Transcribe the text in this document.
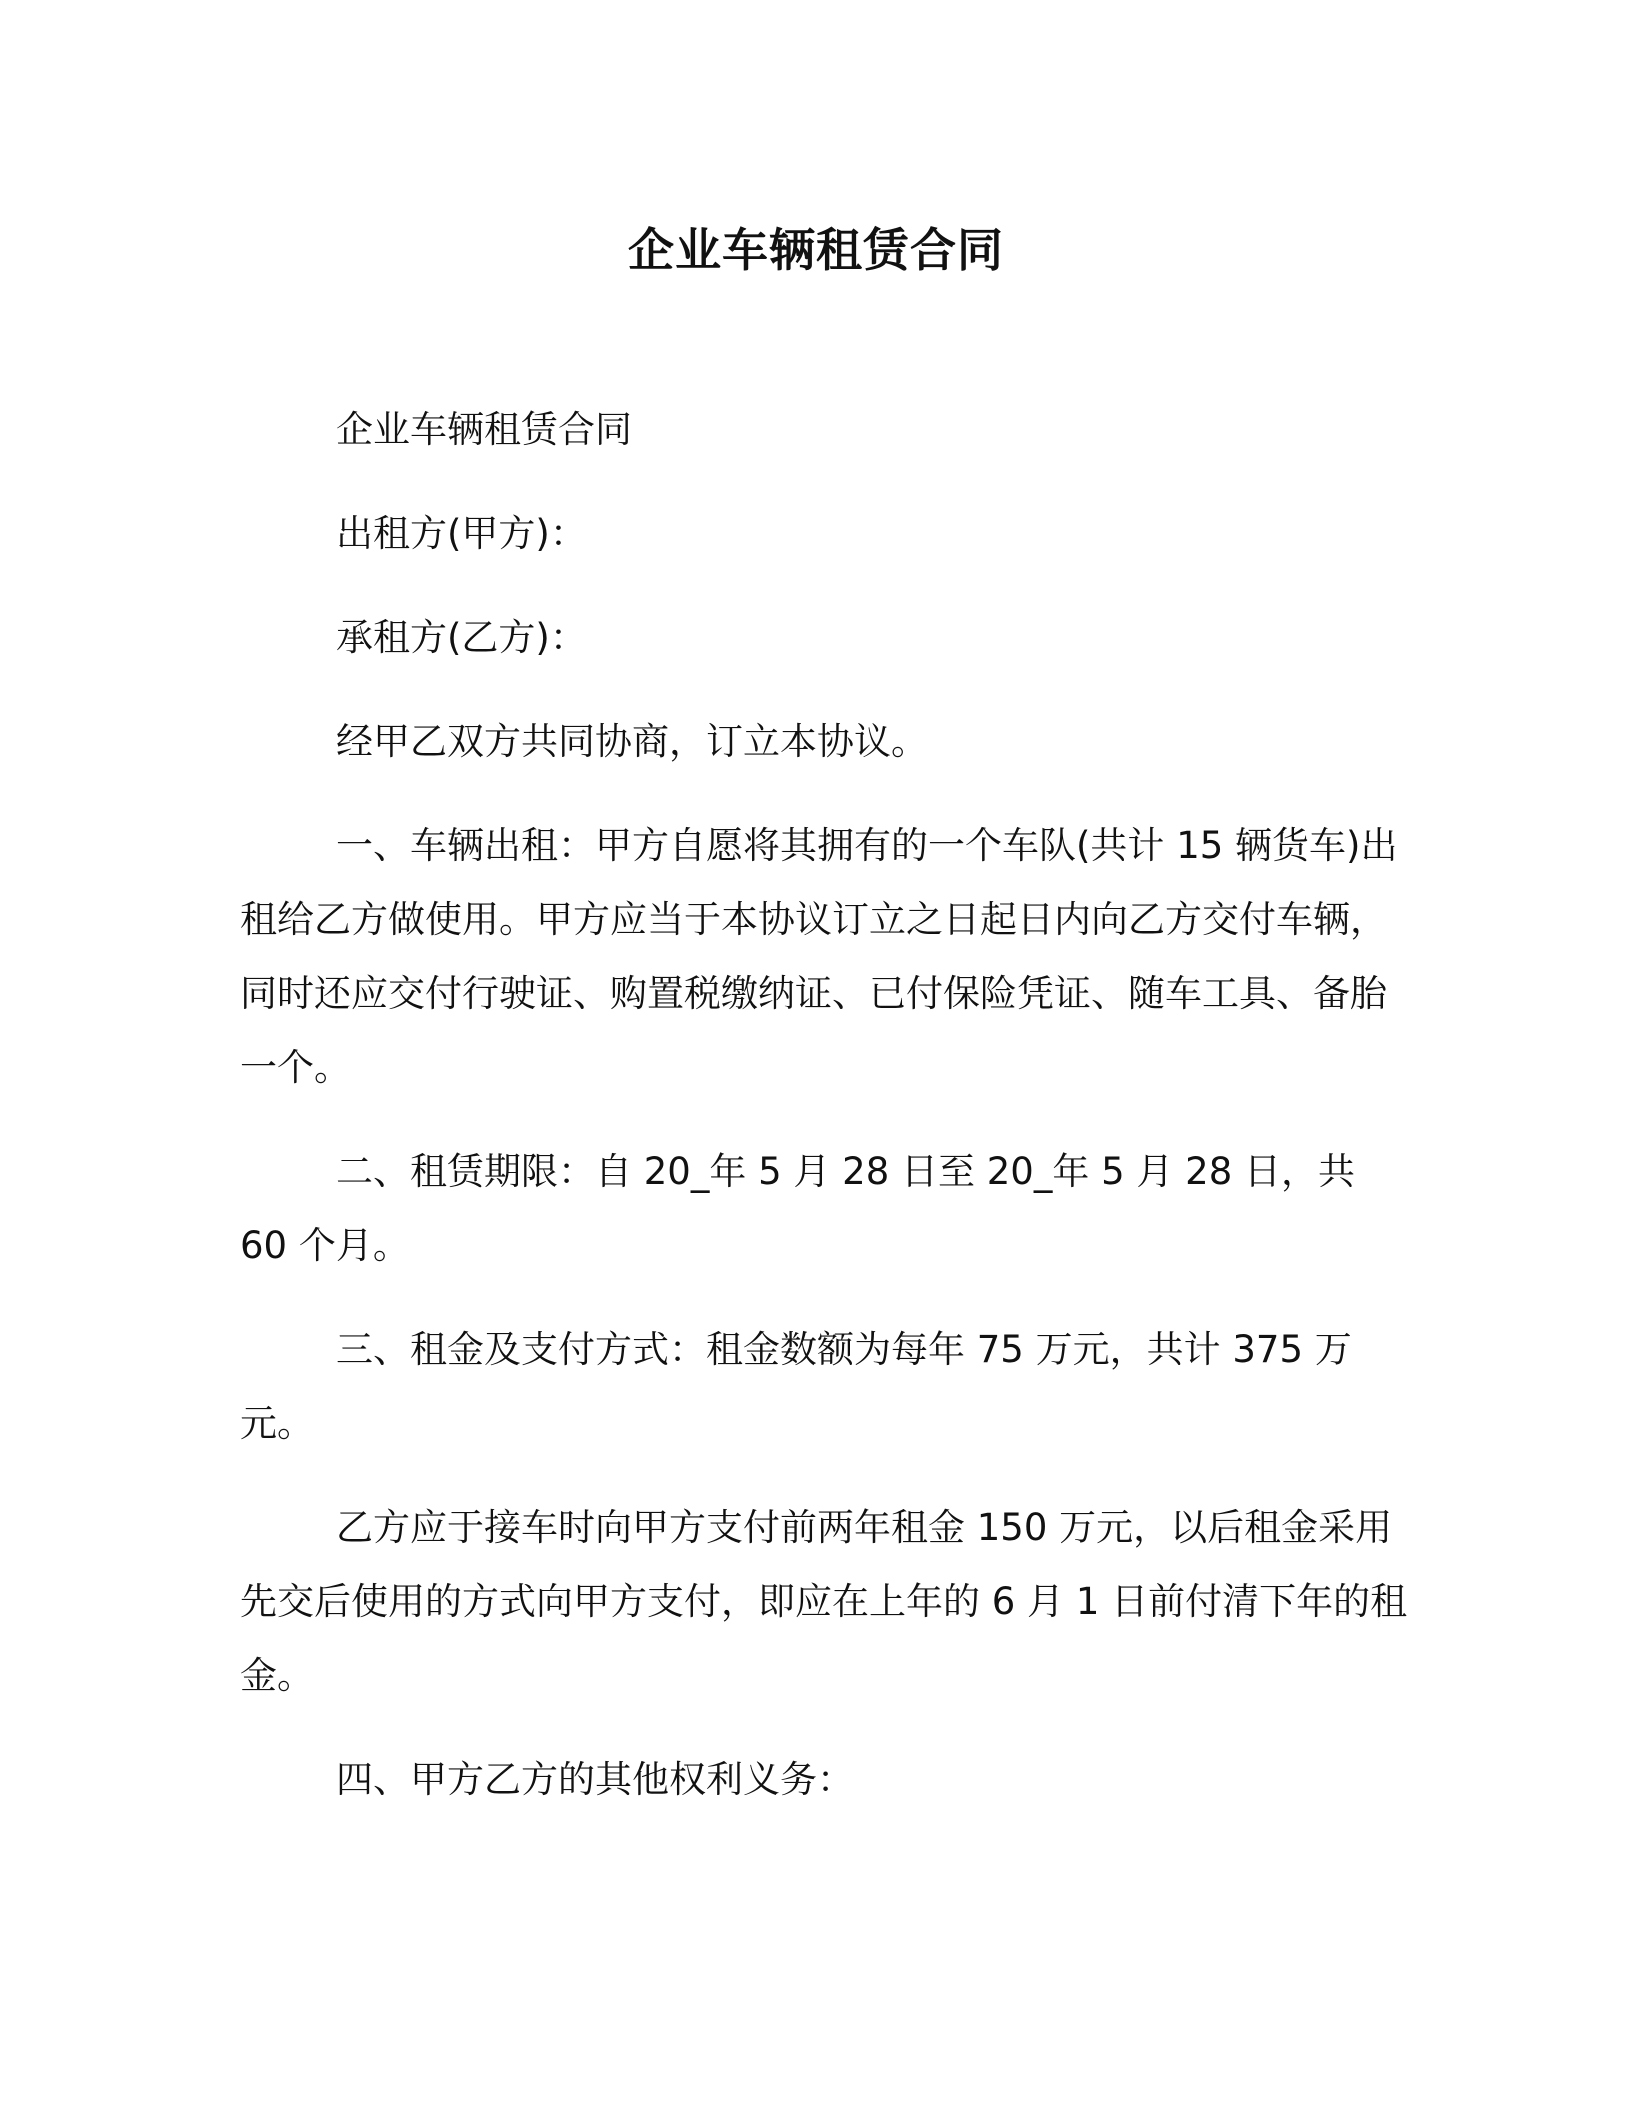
企业车辆租赁合同

企业车辆租赁合同

出租方(甲方)：

承租方(乙方)：

经甲乙双方共同协商，订立本协议。

一、车辆出租：甲方自愿将其拥有的一个车队(共计 15 辆货车)出租给乙方做使用。甲方应当于本协议订立之日起日内向乙方交付车辆，同时还应交付行驶证、购置税缴纳证、已付保险凭证、随车工具、备胎一个。

二、租赁期限：自 20_年 5 月 28 日至 20_年 5 月 28 日，共 60 个月。

三、租金及支付方式：租金数额为每年 75 万元，共计 375 万元。

乙方应于接车时向甲方支付前两年租金 150 万元，以后租金采用先交后使用的方式向甲方支付，即应在上年的 6 月 1 日前付清下年的租金。

四、甲方乙方的其他权利义务：
